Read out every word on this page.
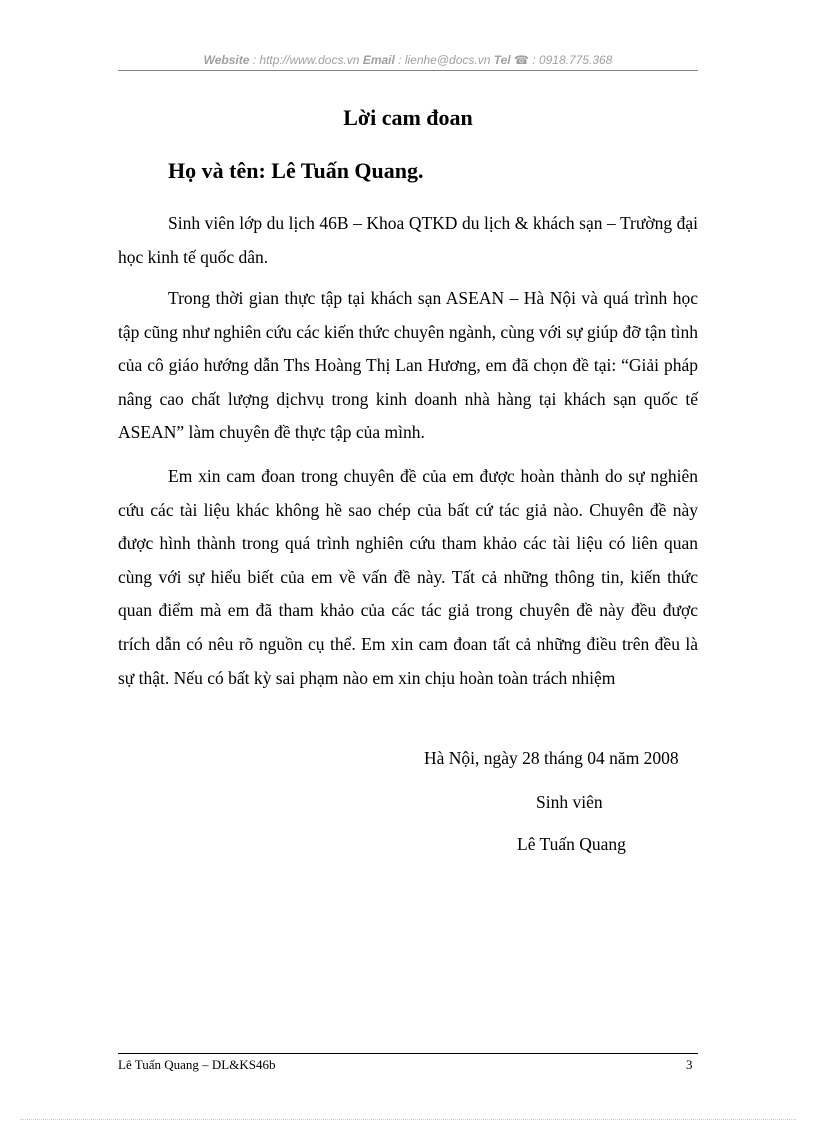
Website : http://www.docs.vn Email : lienhe@docs.vn Tel ☎ : 0918.775.368
Lời cam đoan
Họ và tên: Lê Tuấn Quang.

Sinh viên lớp du lịch 46B – Khoa QTKD du lịch & khách sạn – Trường đại học kinh tế quốc dân.

Trong thời gian thực tập tại khách sạn ASEAN – Hà Nội và quá trình học tập cũng như nghiên cứu các kiến thức chuyên ngành, cùng với sự giúp đỡ tận tình của cô giáo hướng dẫn Ths Hoàng Thị Lan Hương, em đã chọn đề tại: “Giải pháp nâng cao chất lượng dịchvụ trong kinh doanh nhà hàng tại khách sạn quốc tế ASEAN” làm chuyên đề thực tập của mình.

Em xin cam đoan trong chuyên đề của em được hoàn thành do sự nghiên cứu các tài liệu khác không hề sao chép của bất cứ tác giả nào. Chuyên đề này được hình thành trong quá trình nghiên cứu tham khảo các tài liệu có liên quan cùng với sự hiểu biết của em về vấn đề này. Tất cả những thông tin, kiến thức quan điểm mà em đã tham khảo của các tác giả trong chuyên đề này đều được trích dẫn có nêu rõ nguồn cụ thể. Em xin cam đoan tất cả những điều trên đều là sự thật. Nếu có bất kỳ sai phạm nào em xin chịu hoàn toàn trách nhiệm

Hà Nội, ngày 28 tháng 04 năm 2008
Sinh viên
Lê Tuấn Quang
Lê Tuấn Quang – DL&KS46b	3
